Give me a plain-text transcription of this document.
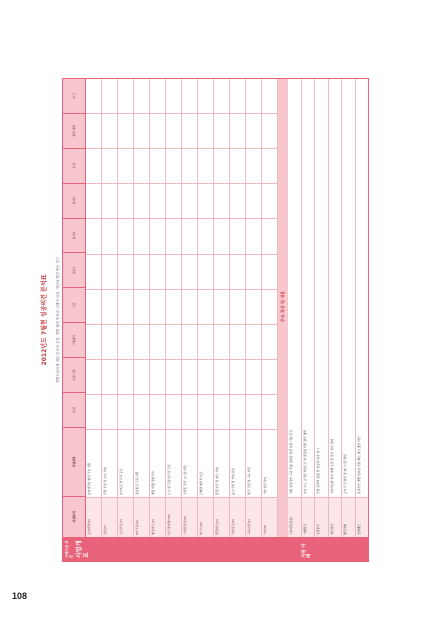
2012년도 7월현 성공의견 분석표	개발도상국에 대한 한국의 공적, 개발 협력 방식과 시행의 성과, 개선과 발전 방안 연구
시행시상 부문 사업개요	지원 사례
사업분야
사업내용
대상
지원기관
시행방식
기간
평가1
평가2
평가3
성과
향후계획
비고
농업개발(2)
농업생산성 향상 기술 지원
산림(5)
산림 조성 및 보호 사업
보건의료(5)
보건의료 인프라 구축
ICT교육(4)
정보통신 교육 지원
행정제도(5)
행정 역량 강화 연수
인프라개발(30)
도로 및 교통 인프라 건설
수자원관리(8)
수자원 관리 시스템 지원
에너지(6)
신재생 에너지 보급
환경개선(4)
환경 보전 및 개선 사업
산업육성(6)
중소기업 및 산업 육성
교육지원(5)
학교 건립 및 교육 지원
기타(6)
기타 협력 사업
주요 특징 및 내용
교육지원(목표)
지원 대상국의 교육 역량 강화를 위한 협력 사업 추진
시행방식
현지 수요 조사를 바탕으로 한 맞춤형 지원 방식 채택
성과분석
사업 성과의 정량 및 정성적 평가 실시
개선방안
지속가능한 협력 체계 구축 및 후속 관리 강화
향후과제
공여국 간 협력 및 파트너십 확대
정책제언
효과적인 개발 협력을 위한 제도 개선 방안 마련
108
